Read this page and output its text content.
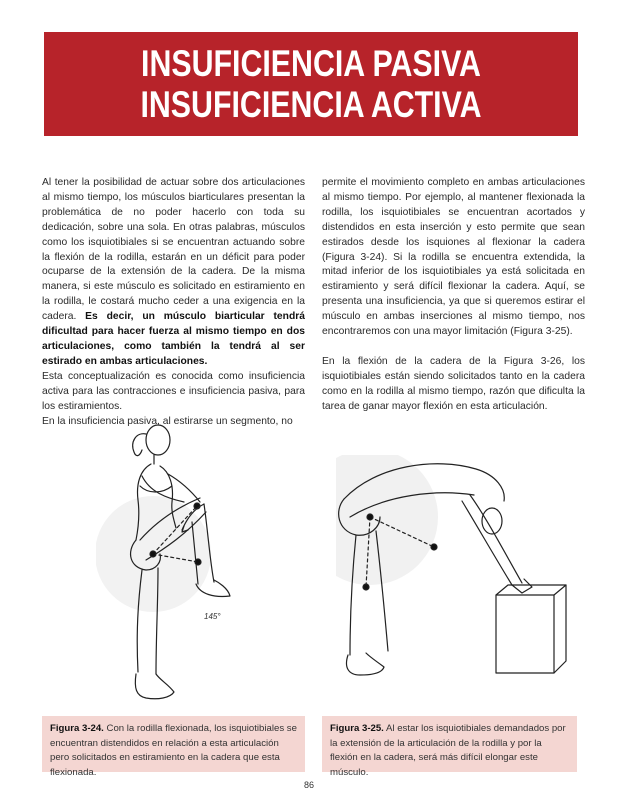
INSUFICIENCIA PASIVA
INSUFICIENCIA ACTIVA

Al tener la posibilidad de actuar sobre dos articulaciones al mismo tiempo, los músculos biarticulares presentan la problemática de no poder hacerlo con toda su dedicación, sobre una sola. En otras palabras, músculos como los isquiotibiales si se encuentran actuando sobre la flexión de la rodilla, estarán en un déficit para poder ocuparse de la extensión de la cadera. De la misma manera, si este músculo es solicitado en estiramiento en la rodilla, le costará mucho ceder a una exigencia en la cadera. Es decir, un músculo biarticular tendrá dificultad para hacer fuerza al mismo tiempo en dos articulaciones, como también la tendrá al ser estirado en ambas articulaciones.

Esta conceptualización es conocida como insuficiencia activa para las contracciones e insuficiencia pasiva, para los estiramientos.

En la insuficiencia pasiva, al estirarse un segmento, no

permite el movimiento completo en ambas articulaciones al mismo tiempo. Por ejemplo, al mantener flexionada la rodilla, los isquiotibiales se encuentran acortados y distendidos en esta inserción y esto permite que sean estirados desde los isquiones al flexionar la cadera (Figura 3-24). Si la rodilla se encuentra extendida, la mitad inferior de los isquiotibiales ya está solicitada en estiramiento y será difícil flexionar la cadera. Aquí, se presenta una insuficiencia, ya que si queremos estirar el músculo en ambas inserciones al mismo tiempo, nos encontraremos con una mayor limitación (Figura 3-25).

En la flexión de la cadera de la Figura 3-26, los isquiotibiales están siendo solicitados tanto en la cadera como en la rodilla al mismo tiempo, razón que dificulta la tarea de ganar mayor flexión en esta articulación.

145°
Figura 3-24. Con la rodilla flexionada, los isquiotibiales se encuentran distendidos en relación a esta articulación pero solicitados en estiramiento en la cadera que esta flexionada.
Figura 3-25. Al estar los isquiotibiales demandados por la extensión de la articulación de la rodilla y por la flexión en la cadera, será más difícil elongar este músculo.
86
